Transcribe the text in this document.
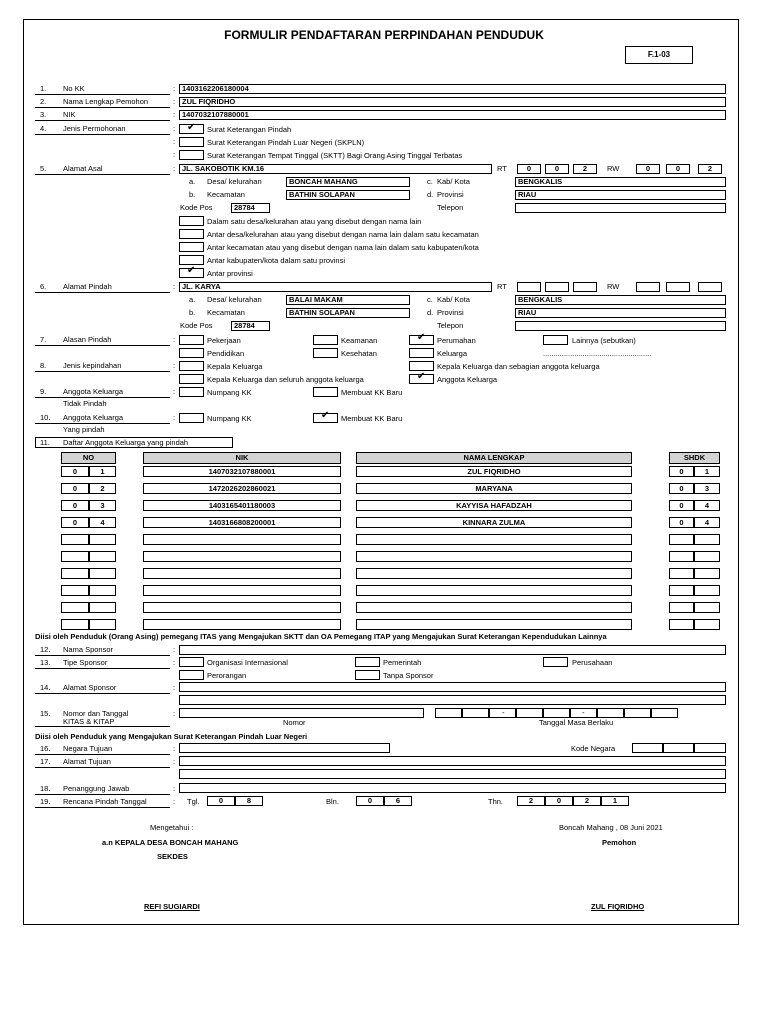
FORMULIR PENDAFTARAN PERPINDAHAN PENDUDUK
F.1-03
1. No KK	: 1403162206180004
2. Nama Lengkap Pemohon	: ZUL FIQRIDHO
3. NIK	: 1407032107880001
4. Jenis Permohonan	: ✔ Surat Keterangan Pindah
:	Surat Keterangan Pindah Luar Negeri (SKPLN)
:	Surat Keterangan Tempat Tinggal (SKTT) Bagi Orang Asing Tinggal Terbatas
5. Alamat Asal	: JL. SAKOBOTIK KM.16	RT	0	0	2	RW	0	0	2
a. Desa/ kelurahan	BONCAH MAHANG	c. Kab/ Kota	BENGKALIS
b. Kecamatan	BATHIN SOLAPAN	d. Provinsi	RIAU
Kode Pos	28784	Telepon
Dalam satu desa/kelurahan atau yang disebut dengan nama lain
Antar desa/kelurahan atau yang disebut dengan nama lain dalam satu kecamatan
Antar kecamatan atau yang disebut dengan nama lain dalam satu kabupaten/kota
Antar kabupaten/kota dalam satu provinsi
✔ Antar provinsi
6. Alamat Pindah	: JL. KARYA	RT	RW
a. Desa/ kelurahan	BALAI MAKAM	c. Kab/ Kota	BENGKALIS
b. Kecamatan	BATHIN SOLAPAN	d. Provinsi	RIAU
Kode Pos	28784	Telepon
7. Alasan Pindah	:	Pekerjaan
Pendidikan
Keamanan
Kesehatan
✔ Perumahan
Keluarga
Lainnya (sebutkan)
....................................................
8. Jenis kepindahan	:	Kepala Keluarga
Kepala Keluarga dan seluruh anggota keluarga
Kepala Keluarga dan sebagian anggota keluarga
✔ Anggota Keluarga
9. Anggota Keluarga
Tidak Pindah
:	Numpang KK	Membuat KK Baru
10. Anggota Keluarga
Yang pindah
:	Numpang KK	✔ Membuat KK Baru
11. Daftar Anggota Keluarga yang pindah
NO	NIK	NAMA LENGKAP	SHDK
0	1	1407032107880001	ZUL FIQRIDHO	0	1
0	2	1472026202860021	MARYANA	0	3
0	3	1403165401180003	KAYYISA HAFADZAH	0	4
0	4	1403166808200001	KINNARA ZULMA	0	4
Diisi oleh Penduduk (Orang Asing) pemegang ITAS yang Mengajukan SKTT dan OA Pemegang ITAP yang Mengajukan Surat Keterangan Kependudukan Lainnya
12. Nama Sponsor	:
13. Tipe Sponsor	:	Organisasi Internasional
Perorangan
Pemerintah
Tanpa Sponsor
Perusahaan
14. Alamat Sponsor	:
15. Nomor dan Tanggal
KITAS & KITAP
:
Nomor
-	-
Tanggal Masa Berlaku
Diisi oleh Penduduk yang Mengajukan Surat Keterangan Pindah Luar Negeri
16. Negara Tujuan	:	Kode Negara
17. Alamat Tujuan	:
18. Penanggung Jawab	:
19. Rencana Pindah Tanggal	: Tgl.	0	8	Bln.	0	6	Thn.	2	0	2	1
Mengetahui :	Boncah Mahang , 08 Juni 2021
a.n KEPALA DESA BONCAH MAHANG	Pemohon
SEKDES
REFI SUGIARDI	ZUL FIQRIDHO
